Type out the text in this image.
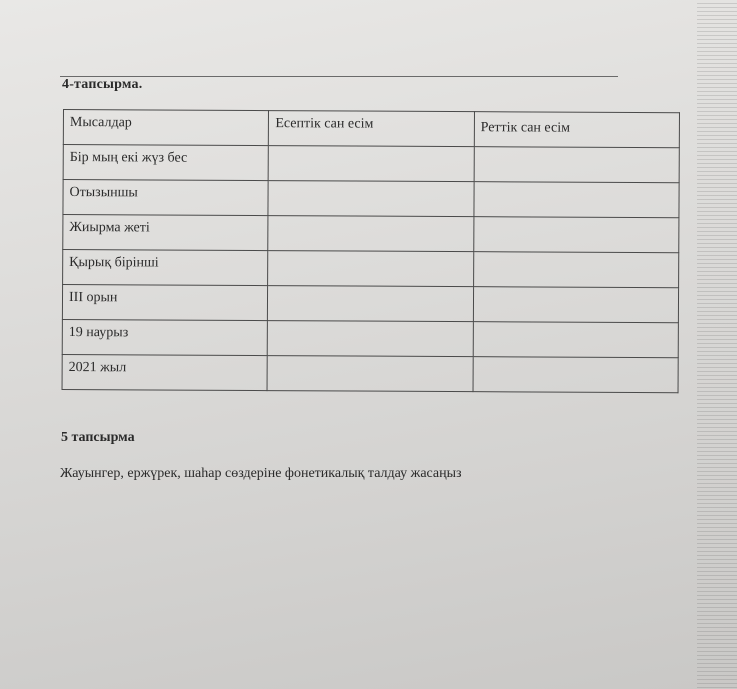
4-тапсырма.
Мысалдар	Есептік сан есім	Реттік сан есім

Бір мың екі жүз бес		

Отызыншы		

Жиырма жеті		

Қырық бірінші		

ІІІ орын		

19 наурыз		

2021 жыл		

5 тапсырма
Жауынгер, ержүрек, шаһар сөздеріне фонетикалық талдау жасаңыз
